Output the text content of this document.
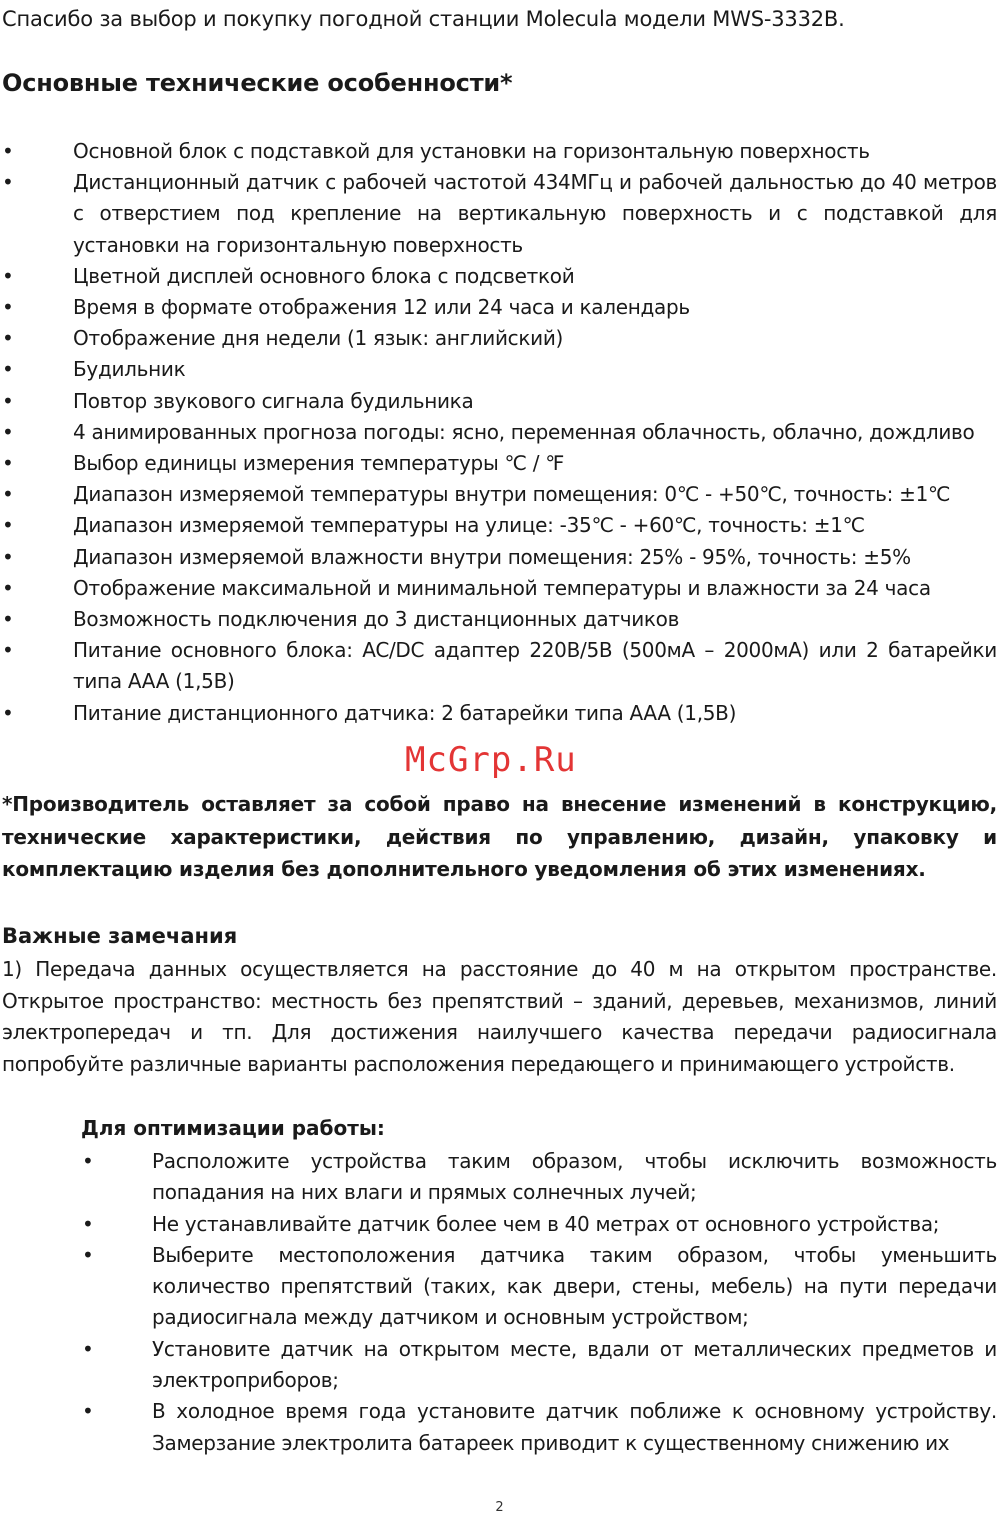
Спасибо за выбор и покупку погодной станции Molecula модели MWS-3332B.
Основные технические особенности*
•	Основной блок с подставкой для установки на горизонтальную поверхность
•	Дистанционный датчик с рабочей частотой 434МГц и рабочей дальностью до 40 метров с отверстием под крепление на вертикальную поверхность и с подставкой для установки на горизонтальную поверхность
•	Цветной дисплей основного блока с подсветкой
•	Время в формате отображения 12 или 24 часа и календарь
•	Отображение дня недели (1 язык: английский)
•	Будильник
•	Повтор звукового сигнала будильника
•	4 анимированных прогноза погоды: ясно, переменная облачность, облачно, дождливо
•	Выбор единицы измерения температуры ℃ / ℉
•	Диапазон измеряемой температуры внутри помещения: 0℃ - +50℃, точность: ±1℃
•	Диапазон измеряемой температуры на улице: -35℃ - +60℃, точность: ±1℃
•	Диапазон измеряемой влажности внутри помещения: 25% - 95%, точность: ±5%
•	Отображение максимальной и минимальной температуры и влажности за 24 часа
•	Возможность подключения до 3 дистанционных датчиков
•	Питание основного блока: AC/DC адаптер 220В/5В (500мА – 2000мА) или 2 батарейки типа AAA (1,5В)
•	Питание дистанционного датчика: 2 батарейки типа AAA (1,5В)
McGrp.Ru
*Производитель оставляет за собой право на внесение изменений в конструкцию, технические характеристики, действия по управлению, дизайн, упаковку и комплектацию изделия без дополнительного уведомления об этих изменениях.
Важные замечания
1) Передача данных осуществляется на расстояние до 40 м на открытом пространстве. Открытое пространство: местность без препятствий – зданий, деревьев, механизмов, линий электропередач и тп. Для достижения наилучшего качества передачи радиосигнала попробуйте различные варианты расположения передающего и принимающего устройств.
Для оптимизации работы:
•	Расположите устройства таким образом, чтобы исключить возможность попадания на них влаги и прямых солнечных лучей;
•	Не устанавливайте датчик более чем в 40 метрах от основного устройства;
•	Выберите местоположения датчика таким образом, чтобы уменьшить количество препятствий (таких, как двери, стены, мебель) на пути передачи радиосигнала между датчиком и основным устройством;
•	Установите датчик на открытом месте, вдали от металлических предметов и электроприборов;
•	В холодное время года установите датчик поближе к основному устройству. Замерзание электролита батареек приводит к существенному снижению их
2
